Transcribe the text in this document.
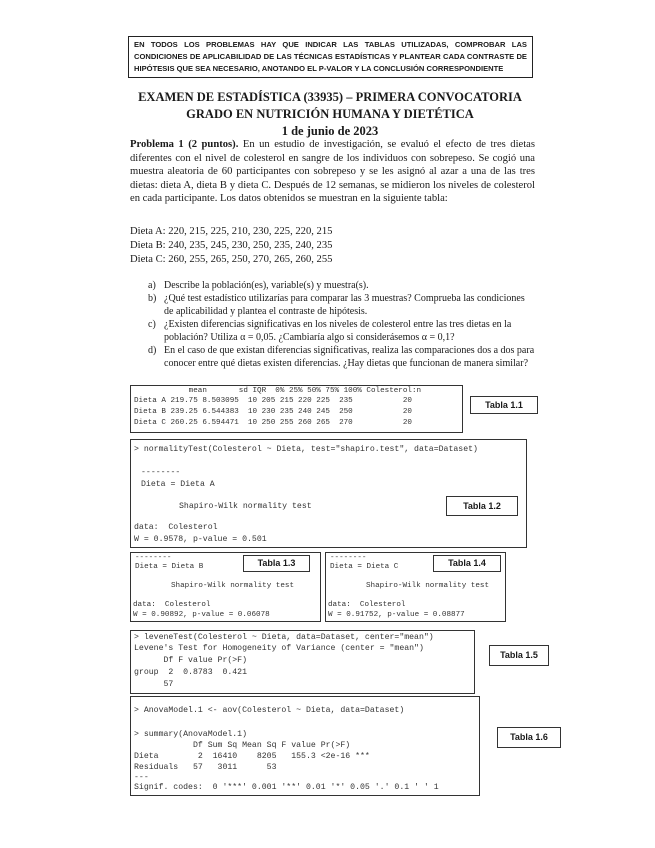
EN TODOS LOS PROBLEMAS HAY QUE INDICAR LAS TABLAS UTILIZADAS, COMPROBAR LAS CONDICIONES DE APLICABILIDAD DE LAS TÉCNICAS ESTADÍSTICAS Y PLANTEAR CADA CONTRASTE DE HIPÓTESIS QUE SEA NECESARIO, ANOTANDO EL P-VALOR Y LA CONCLUSIÓN CORRESPONDIENTE
EXAMEN DE ESTADÍSTICA (33935) – PRIMERA CONVOCATORIA
GRADO EN NUTRICIÓN HUMANA Y DIETÉTICA
1 de junio de 2023
Problema 1 (2 puntos). En un estudio de investigación, se evaluó el efecto de tres dietas diferentes con el nivel de colesterol en sangre de los individuos con sobrepeso. Se cogió una muestra aleatoria de 60 participantes con sobrepeso y se les asignó al azar a una de las tres dietas: dieta A, dieta B y dieta C. Después de 12 semanas, se midieron los niveles de colesterol en cada participante. Los datos obtenidos se muestran en la siguiente tabla:
Dieta A: 220, 215, 225, 210, 230, 225, 220, 215
Dieta B: 240, 235, 245, 230, 250, 235, 240, 235
Dieta C: 260, 255, 265, 250, 270, 265, 260, 255
a) Describe la población(es), variable(s) y muestra(s).
b) ¿Qué test estadístico utilizarías para comparar las 3 muestras? Comprueba las condiciones de aplicabilidad y plantea el contraste de hipótesis.
c) ¿Existen diferencias significativas en los niveles de colesterol entre las tres dietas en la población? Utiliza α = 0,05. ¿Cambiaría algo si considerásemos α = 0,1?
d) En el caso de que existan diferencias significativas, realiza las comparaciones dos a dos para conocer entre qué dietas existen diferencias. ¿Hay dietas que funcionan de manera similar?
mean       sd IQR  0% 25% 50% 75% 100% Colesterol:n
Dieta A 219.75 8.503095  10 205 215 220 225  235           20
Dieta B 239.25 6.544383  10 230 235 240 245  250           20
Dieta C 260.25 6.594471  10 250 255 260 265  270           20
Tabla 1.1
> normalityTest(Colesterol ~ Dieta, test="shapiro.test", data=Dataset)
--------
Dieta = Dieta A
Shapiro-Wilk normality test
data:  Colesterol
W = 0.9578, p-value = 0.501
Tabla 1.2
--------
Dieta = Dieta B
Shapiro-Wilk normality test
data:  Colesterol
W = 0.90892, p-value = 0.06078
Tabla 1.3	--------
Dieta = Dieta C
Shapiro-Wilk normality test
data:  Colesterol
W = 0.91752, p-value = 0.08877
Tabla 1.4
> leveneTest(Colesterol ~ Dieta, data=Dataset, center="mean")
Levene's Test for Homogeneity of Variance (center = "mean")
Df F value Pr(>F)
group  2  0.8783  0.421
57
Tabla 1.5
> AnovaModel.1 <- aov(Colesterol ~ Dieta, data=Dataset)
> summary(AnovaModel.1)
Df Sum Sq Mean Sq F value Pr(>F)
Dieta        2  16410    8205   155.3 <2e-16 ***
Residuals   57   3011      53
---
Signif. codes:  0 '***' 0.001 '**' 0.01 '*' 0.05 '.' 0.1 ' ' 1
Tabla 1.6
